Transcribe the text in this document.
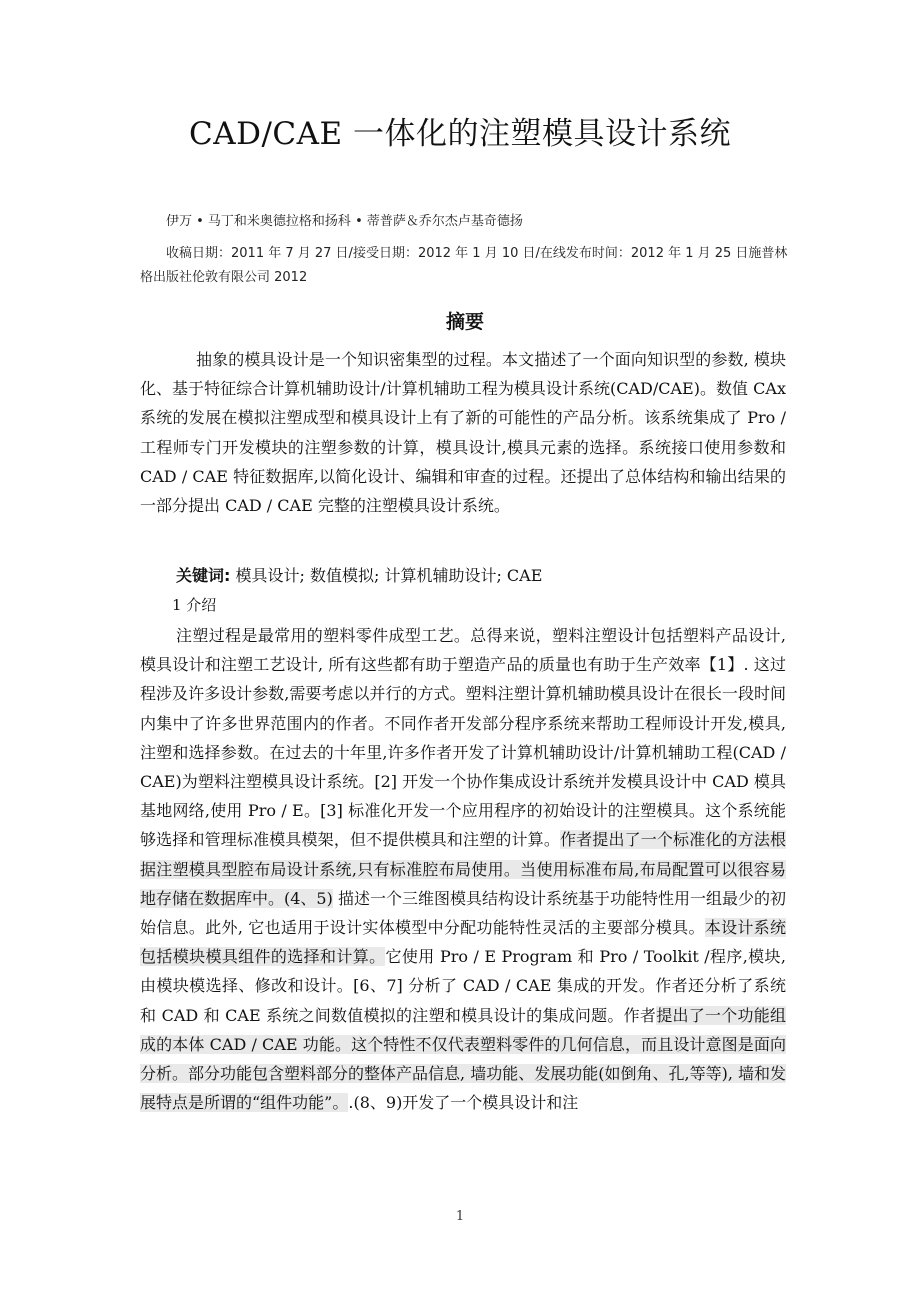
CAD/CAE 一体化的注塑模具设计系统
伊万 • 马丁和米奥德拉格和扬科 • 蒂普萨＆乔尔杰卢基奇德扬
收稿日期：2011 年 7 月 27 日/接受日期：2012 年 1 月 10 日/在线发布时间：2012 年 1 月 25 日施普林格出版社伦敦有限公司 2012
摘要
抽象的模具设计是一个知识密集型的过程。本文描述了一个面向知识型的参数, 模块化、基于特征综合计算机辅助设计/计算机辅助工程为模具设计系统(CAD/CAE)。数值 CAx 系统的发展在模拟注塑成型和模具设计上有了新的可能性的产品分析。该系统集成了 Pro /工程师专门开发模块的注塑参数的计算，模具设计,模具元素的选择。系统接口使用参数和 CAD / CAE 特征数据库,以简化设计、编辑和审查的过程。还提出了总体结构和输出结果的一部分提出 CAD / CAE 完整的注塑模具设计系统。
关键词: 模具设计; 数值模拟; 计算机辅助设计; CAE
1 介绍
注塑过程是最常用的塑料零件成型工艺。总得来说，塑料注塑设计包括塑料产品设计, 模具设计和注塑工艺设计, 所有这些都有助于塑造产品的质量也有助于生产效率【1】. 这过程涉及许多设计参数,需要考虑以并行的方式。塑料注塑计算机辅助模具设计在很长一段时间内集中了许多世界范围内的作者。不同作者开发部分程序系统来帮助工程师设计开发,模具,注塑和选择参数。在过去的十年里,许多作者开发了计算机辅助设计/计算机辅助工程(CAD / CAE)为塑料注塑模具设计系统。[2] 开发一个协作集成设计系统并发模具设计中 CAD 模具基地网络,使用 Pro / E。[3] 标准化开发一个应用程序的初始设计的注塑模具。这个系统能够选择和管理标准模具模架，但不提供模具和注塑的计算。作者提出了一个标准化的方法根据注塑模具型腔布局设计系统,只有标准腔布局使用。当使用标准布局,布局配置可以很容易地存储在数据库中。(4、5) 描述一个三维图模具结构设计系统基于功能特性用一组最少的初始信息。此外, 它也适用于设计实体模型中分配功能特性灵活的主要部分模具。本设计系统包括模块模具组件的选择和计算。它使用 Pro / E Program 和 Pro / Toolkit /程序,模块,由模块模选择、修改和设计。[6、7] 分析了 CAD / CAE 集成的开发。作者还分析了系统和 CAD 和 CAE 系统之间数值模拟的注塑和模具设计的集成问题。作者提出了一个功能组成的本体 CAD / CAE 功能。这个特性不仅代表塑料零件的几何信息，而且设计意图是面向分析。部分功能包含塑料部分的整体产品信息, 墙功能、发展功能(如倒角、孔,等等), 墙和发展特点是所谓的“组件功能”。.(8、9)开发了一个模具设计和注
1
